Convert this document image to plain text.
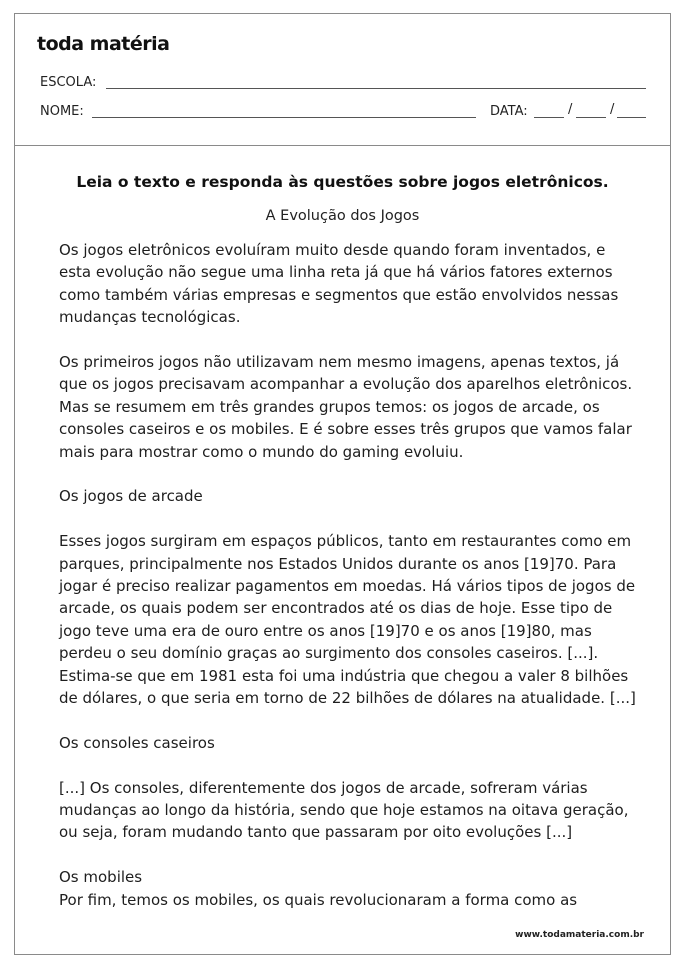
toda matéria
ESCOLA:
NOME:	DATA:	/	/
Leia o texto e responda às questões sobre jogos eletrônicos.
A Evolução dos Jogos

Os jogos eletrônicos evoluíram muito desde quando foram inventados, e
esta evolução não segue uma linha reta já que há vários fatores externos
como também várias empresas e segmentos que estão envolvidos nessas
mudanças tecnológicas.

Os primeiros jogos não utilizavam nem mesmo imagens, apenas textos, já
que os jogos precisavam acompanhar a evolução dos aparelhos eletrônicos.
Mas se resumem em três grandes grupos temos: os jogos de arcade, os
consoles caseiros e os mobiles. E é sobre esses três grupos que vamos falar
mais para mostrar como o mundo do gaming evoluiu.

Os jogos de arcade

Esses jogos surgiram em espaços públicos, tanto em restaurantes como em
parques, principalmente nos Estados Unidos durante os anos [19]70. Para
jogar é preciso realizar pagamentos em moedas. Há vários tipos de jogos de
arcade, os quais podem ser encontrados até os dias de hoje. Esse tipo de
jogo teve uma era de ouro entre os anos [19]70 e os anos [19]80, mas
perdeu o seu domínio graças ao surgimento dos consoles caseiros. [...].
Estima-se que em 1981 esta foi uma indústria que chegou a valer 8 bilhões
de dólares, o que seria em torno de 22 bilhões de dólares na atualidade. [...]

Os consoles caseiros

[...] Os consoles, diferentemente dos jogos de arcade, sofreram várias
mudanças ao longo da história, sendo que hoje estamos na oitava geração,
ou seja, foram mudando tanto que passaram por oito evoluções [...]

Os mobiles
Por fim, temos os mobiles, os quais revolucionaram a forma como as

www.todamateria.com.br
